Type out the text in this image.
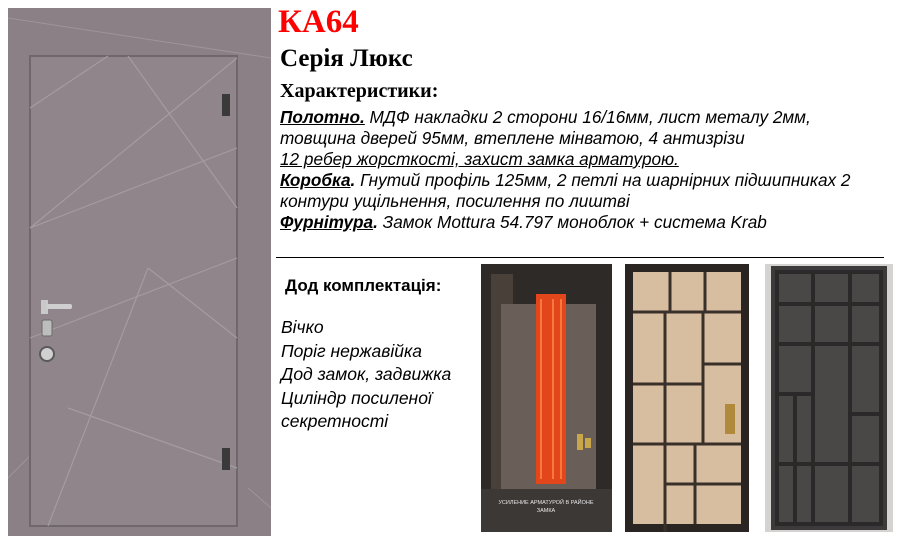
КА64
Серія Люкс
Характеристики:
Полотно. МДФ накладки 2 сторони 16/16мм, лист металу 2мм, товщина дверей 95мм, втеплене мінватою, 4 антизрізи
12 ребер жорсткості, захист замка арматурою.
Коробка. Гнутий профіль 125мм, 2 петлі на шарнірних підшипниках 2 контури ущільнення, посилення по лиштві
Фурнітура. Замок Mottura 54.797 моноблок + система Krab
Дод комплектація:
Вічко
Поріг нержавійка
Дод замок, задвижка
Цилiндр посиленої
секретності
УСИЛЕНИЕ АРМАТУРОЙ В РАЙОНЕ
ЗАМКА
